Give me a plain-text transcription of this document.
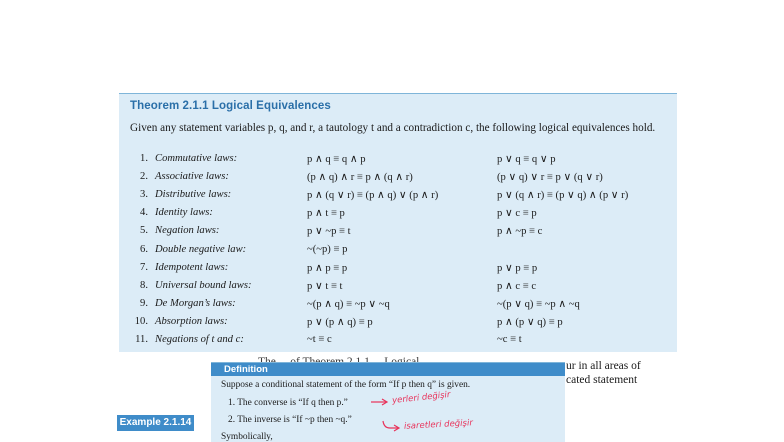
Theorem 2.1.1 Logical Equivalences
Given any statement variables p, q, and r, a tautology t and a contradiction c, the following logical equivalences hold.
1. Commutative laws:	p ∧ q ≡ q ∧ p	p ∨ q ≡ q ∨ p
2. Associative laws:	(p ∧ q) ∧ r ≡ p ∧ (q ∧ r)	(p ∨ q) ∨ r ≡ p ∨ (q ∨ r)
3. Distributive laws:	p ∧ (q ∨ r) ≡ (p ∧ q) ∨ (p ∧ r)	p ∨ (q ∧ r) ≡ (p ∨ q) ∧ (p ∨ r)
4. Identity laws:	p ∧ t ≡ p	p ∨ c ≡ p
5. Negation laws:	p ∨ ~p ≡ t	p ∧ ~p ≡ c
6. Double negative law:	~(~p) ≡ p
7. Idempotent laws:	p ∧ p ≡ p	p ∨ p ≡ p
8. Universal bound laws:	p ∨ t ≡ t	p ∧ c ≡ c
9. De Morgan’s laws:	~(p ∧ q) ≡ ~p ∨ ~q	~(p ∨ q) ≡ ~p ∧ ~q
10. Absorption laws:	p ∨ (p ∧ q) ≡ p	p ∧ (p ∨ q) ≡ p
11. Negations of t and c:	~t ≡ c	~c ≡ t
ur in all areas of
cated statement
Definition
Suppose a conditional statement of the form “If p then q” is given.
1. The converse is “If q then p.”
2. The inverse is “If ~p then ~q.”
Symbolically,
Example 2.1.14
yerleri değişir
isaretleri değişir
